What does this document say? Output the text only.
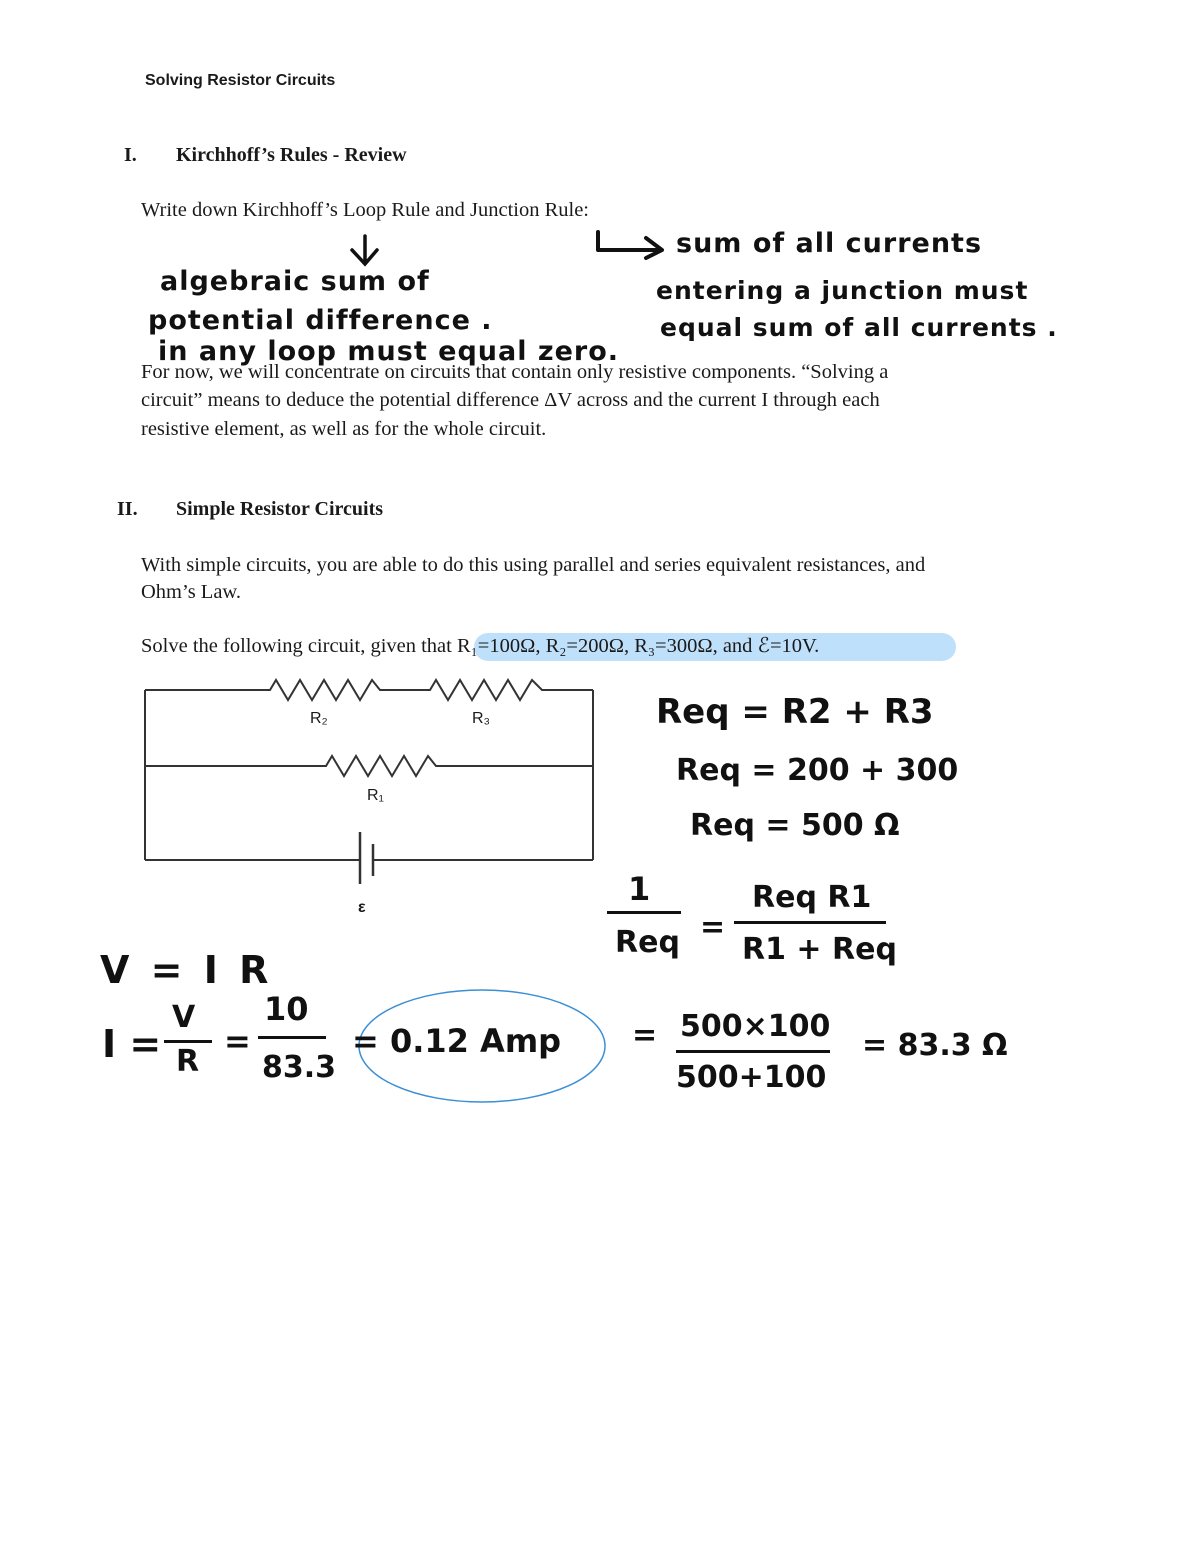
Solving Resistor Circuits
I. Kirchhoff’s Rules - Review
Write down Kirchhoff’s Loop Rule and Junction Rule:
algebraic sum of
potential difference .
in any loop must equal zero.
sum of all currents
entering a junction must
equal sum of all currents .
For now, we will concentrate on circuits that contain only resistive components. “Solving a
circuit” means to deduce the potential difference ΔV across and the current I through each
resistive element, as well as for the whole circuit.
II. Simple Resistor Circuits
With simple circuits, you are able to do this using parallel and series equivalent resistances, and
Ohm’s Law.
Solve the following circuit, given that R₁=100Ω, R₂=200Ω, R₃=300Ω, and ℰ=10V.
R₂	R₃
R₁
ε
Req = R2 + R3
Req = 200 + 300
Req = 500 Ω
1
Req =
Req R1
R1 + Req
= 500×100
500+100
= 83.3 Ω
V = I R
I =
V
R
=
10
83.3
= 0.12 Amp
